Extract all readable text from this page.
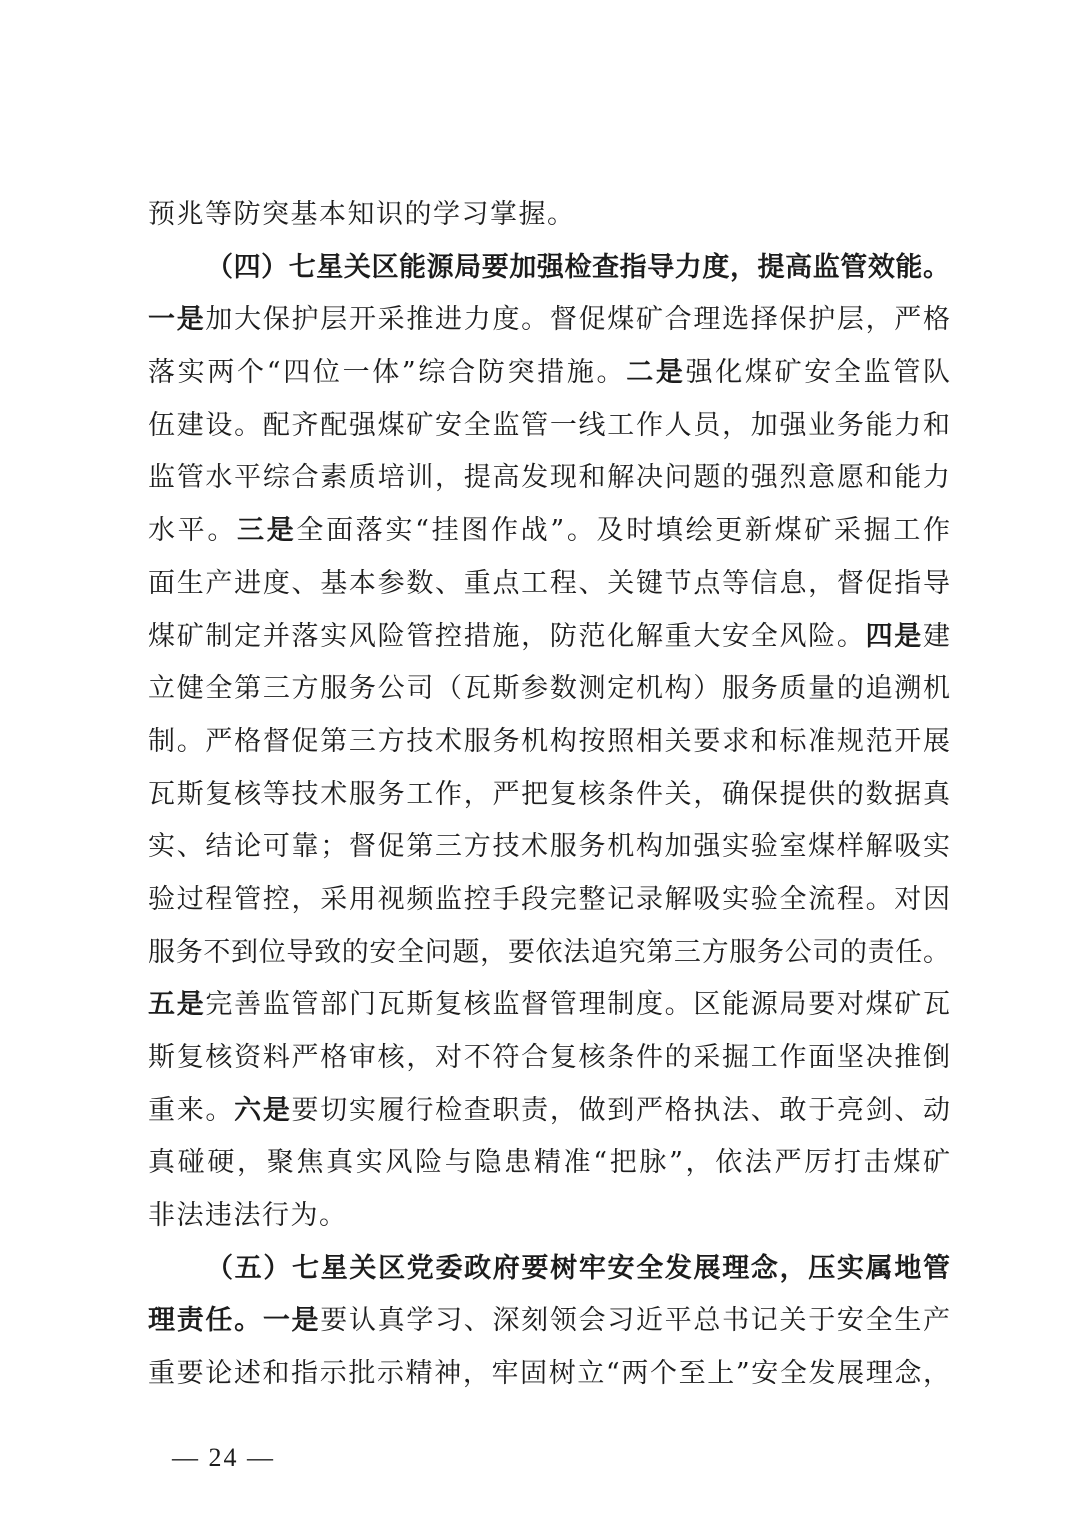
预兆等防突基本知识的学习掌握。
（四）七星关区能源局要加强检查指导力度，提高监管效能。
一是加大保护层开采推进力度。督促煤矿合理选择保护层，严格
落实两个“四位一体”综合防突措施。二是强化煤矿安全监管队
伍建设。配齐配强煤矿安全监管一线工作人员，加强业务能力和
监管水平综合素质培训，提高发现和解决问题的强烈意愿和能力
水平。三是全面落实“挂图作战”。及时填绘更新煤矿采掘工作
面生产进度、基本参数、重点工程、关键节点等信息，督促指导
煤矿制定并落实风险管控措施，防范化解重大安全风险。四是建
立健全第三方服务公司（瓦斯参数测定机构）服务质量的追溯机
制。严格督促第三方技术服务机构按照相关要求和标准规范开展
瓦斯复核等技术服务工作，严把复核条件关，确保提供的数据真
实、结论可靠；督促第三方技术服务机构加强实验室煤样解吸实
验过程管控，采用视频监控手段完整记录解吸实验全流程。对因
服务不到位导致的安全问题，要依法追究第三方服务公司的责任。
五是完善监管部门瓦斯复核监督管理制度。区能源局要对煤矿瓦
斯复核资料严格审核，对不符合复核条件的采掘工作面坚决推倒
重来。六是要切实履行检查职责，做到严格执法、敢于亮剑、动
真碰硬，聚焦真实风险与隐患精准“把脉”，依法严厉打击煤矿
非法违法行为。
（五）七星关区党委政府要树牢安全发展理念，压实属地管
理责任。一是要认真学习、深刻领会习近平总书记关于安全生产
重要论述和指示批示精神，牢固树立“两个至上”安全发展理念，
— 24 —
